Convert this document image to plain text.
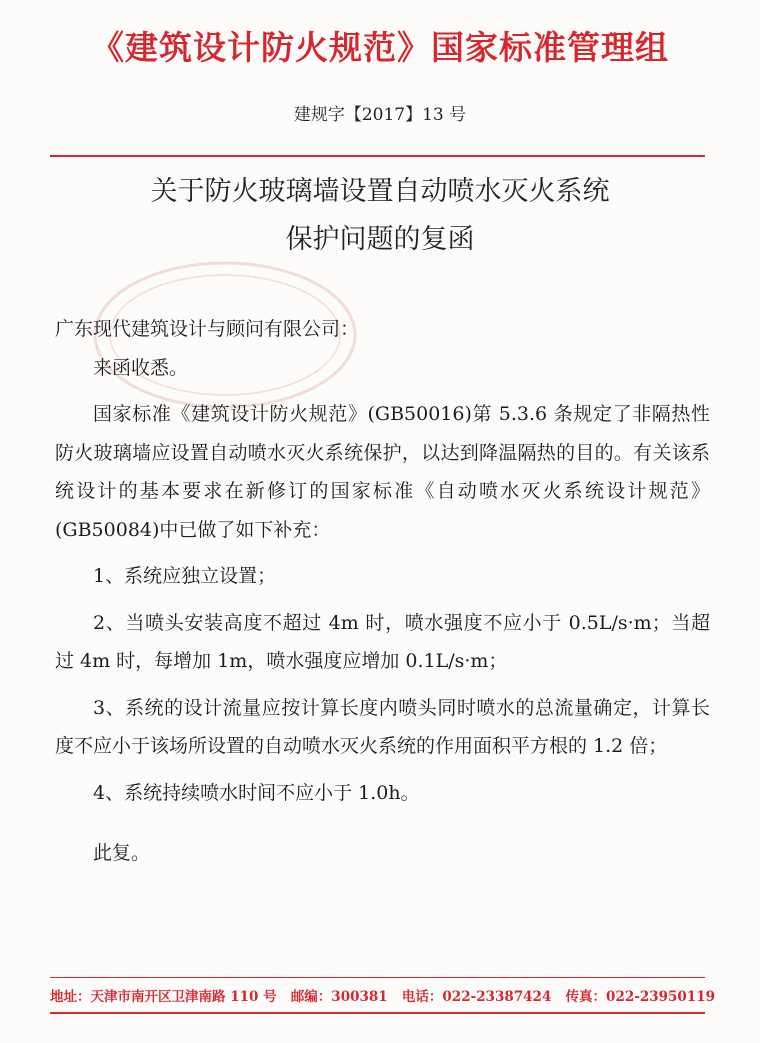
《建筑设计防火规范》国家标准管理组
建规字【2017】13 号
关于防火玻璃墙设置自动喷水灭火系统
保护问题的复函

广东现代建筑设计与顾问有限公司：

来函收悉。

国家标准《建筑设计防火规范》(GB50016)第 5.3.6 条规定了非隔热性防火玻璃墙应设置自动喷水灭火系统保护，以达到降温隔热的目的。有关该系统设计的基本要求在新修订的国家标准《自动喷水灭火系统设计规范》(GB50084)中已做了如下补充：

1、系统应独立设置；

2、当喷头安装高度不超过 4m 时，喷水强度不应小于 0.5L/s·m；当超过 4m 时，每增加 1m，喷水强度应增加 0.1L/s·m；

3、系统的设计流量应按计算长度内喷头同时喷水的总流量确定，计算长度不应小于该场所设置的自动喷水灭火系统的作用面积平方根的 1.2 倍；

4、系统持续喷水时间不应小于 1.0h。

此复。

地址：天津市南开区卫津南路 110 号 邮编：300381 电话：022-23387424 传真：022-23950119
